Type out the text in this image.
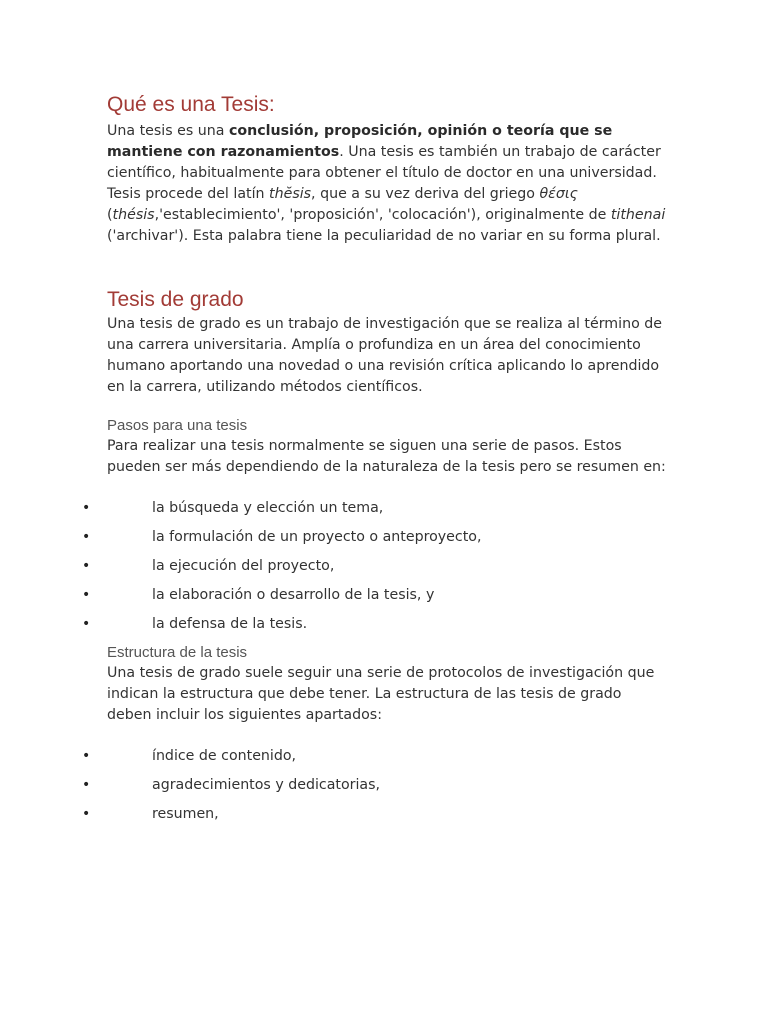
Qué es una Tesis:

Una tesis es una conclusión, proposición, opinión o teoría que se mantiene con razonamientos. Una tesis es también un trabajo de carácter científico, habitualmente para obtener el título de doctor en una universidad.

Tesis procede del latín thĕsis, que a su vez deriva del griego θέσις (thésis,'establecimiento', 'proposición', 'colocación'), originalmente de tithenai ('archivar'). Esta palabra tiene la peculiaridad de no variar en su forma plural.

Tesis de grado

Una tesis de grado es un trabajo de investigación que se realiza al término de una carrera universitaria. Amplía o profundiza en un área del conocimiento humano aportando una novedad o una revisión crítica aplicando lo aprendido en la carrera, utilizando métodos científicos.

Pasos para una tesis

Para realizar una tesis normalmente se siguen una serie de pasos. Estos pueden ser más dependiendo de la naturaleza de la tesis pero se resumen en:

•	la búsqueda y elección un tema,
•	la formulación de un proyecto o anteproyecto,
•	la ejecución del proyecto,
•	la elaboración o desarrollo de la tesis, y
•	la defensa de la tesis.
Estructura de la tesis

Una tesis de grado suele seguir una serie de protocolos de investigación que indican la estructura que debe tener. La estructura de las tesis de grado deben incluir los siguientes apartados:

•	índice de contenido,
•	agradecimientos y dedicatorias,
•	resumen,
